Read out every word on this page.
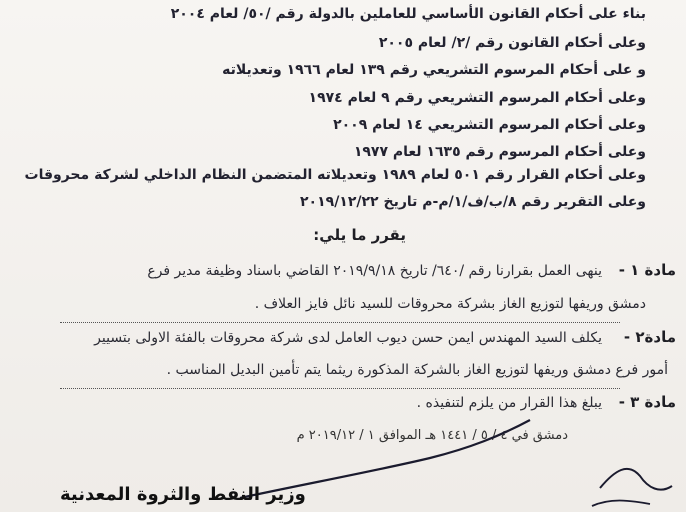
بناء على أحكام القانون الأساسي للعاملين بالدولة رقم /٥٠/ لعام ٢٠٠٤
وعلى أحكام القانون رقم /٢/ لعام ٢٠٠٥
و على أحكام المرسوم التشريعي رقم ١٣٩ لعام ١٩٦٦ وتعديلاته
وعلى أحكام المرسوم التشريعي رقم ٩ لعام ١٩٧٤
وعلى أحكام المرسوم التشريعي ١٤ لعام ٢٠٠٩
وعلى أحكام المرسوم رقم ١٦٣٥ لعام ١٩٧٧
وعلى أحكام القرار رقم ٥٠١ لعام ١٩٨٩ وتعديلاته المتضمن النظام الداخلي لشركة محروقات
وعلى التقرير رقم ٨/ب/ف/١/م-م تاريخ ٢٠١٩/١٢/٢٢
يقرر ما يلي:
مادة ١ -
ينهى العمل بقرارنا رقم /٦٤٠/ تاريخ ٢٠١٩/٩/١٨ القاضي باسناد وظيفة مدير فرع
دمشق وريفها لتوزيع الغاز بشركة محروقات للسيد نائل فايز العلاف .
مادة٢ -
يكلف السيد المهندس ايمن حسن ديوب العامل لدى شركة محروقات بالفئة الاولى بتسيير
أمور فرع دمشق وريفها لتوزيع الغاز بالشركة المذكورة ريثما يتم تأمين البديل المناسب .
مادة ٣ -
يبلغ هذا القرار من يلزم لتنفيذه .
دمشق في ٤ / ٥ / ١٤٤١ هـ الموافق ١ / ٢٠١٩/١٢ م
وزير النفط والثروة المعدنية
